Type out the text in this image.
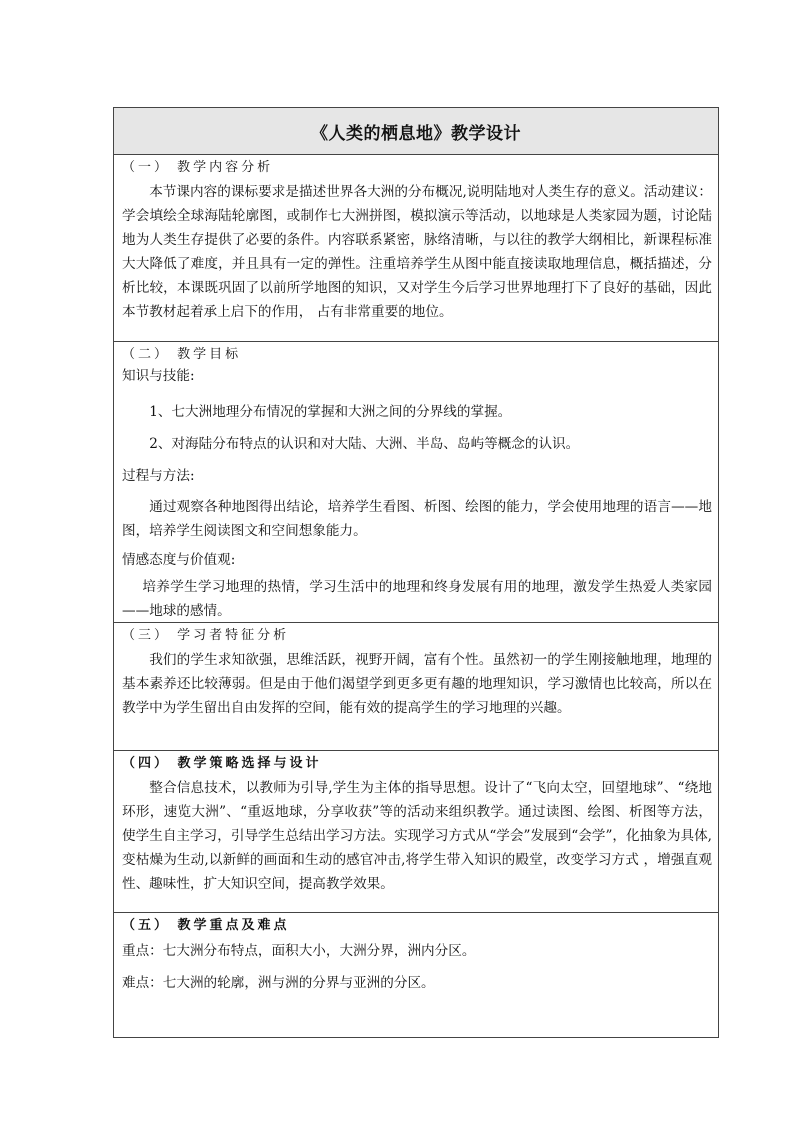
《人类的栖息地》教学设计
（一） 教学内容分析

本节课内容的课标要求是描述世界各大洲的分布概况,说明陆地对人类生存的意义。活动建议：学会填绘全球海陆轮廓图，或制作七大洲拼图，模拟演示等活动，以地球是人类家园为题，讨论陆地为人类生存提供了必要的条件。内容联系紧密，脉络清晰，与以往的教学大纲相比，新课程标准大大降低了难度，并且具有一定的弹性。注重培养学生从图中能直接读取地理信息，概括描述，分析比较，本课既巩固了以前所学地图的知识，又对学生今后学习世界地理打下了良好的基础，因此本节教材起着承上启下的作用， 占有非常重要的地位。

（二） 教学目标

知识与技能:

1、七大洲地理分布情况的掌握和大洲之间的分界线的掌握。

2、对海陆分布特点的认识和对大陆、大洲、半岛、岛屿等概念的认识。

过程与方法:

通过观察各种地图得出结论，培养学生看图、析图、绘图的能力，学会使用地理的语言——地图，培养学生阅读图文和空间想象能力。

情感态度与价值观:

培养学生学习地理的热情，学习生活中的地理和终身发展有用的地理，激发学生热爱人类家园——地球的感情。

（三） 学习者特征分析

我们的学生求知欲强，思维活跃，视野开阔，富有个性。虽然初一的学生刚接触地理，地理的基本素养还比较薄弱。但是由于他们渴望学到更多更有趣的地理知识，学习激情也比较高，所以在教学中为学生留出自由发挥的空间，能有效的提高学生的学习地理的兴趣。

（四） 教学策略选择与设计

整合信息技术，以教师为引导,学生为主体的指导思想。设计了“飞向太空，回望地球”、“绕地环形，速览大洲”、“重返地球，分享收获”等的活动来组织教学。通过读图、绘图、析图等方法，使学生自主学习，引导学生总结出学习方法。实现学习方式从“学会”发展到“会学”，化抽象为具体,变枯燥为生动,以新鲜的画面和生动的感官冲击,将学生带入知识的殿堂，改变学习方式 ，增强直观性、趣味性，扩大知识空间，提高教学效果。

（五） 教学重点及难点

重点：七大洲分布特点，面积大小，大洲分界，洲内分区。

难点：七大洲的轮廓，洲与洲的分界与亚洲的分区。
